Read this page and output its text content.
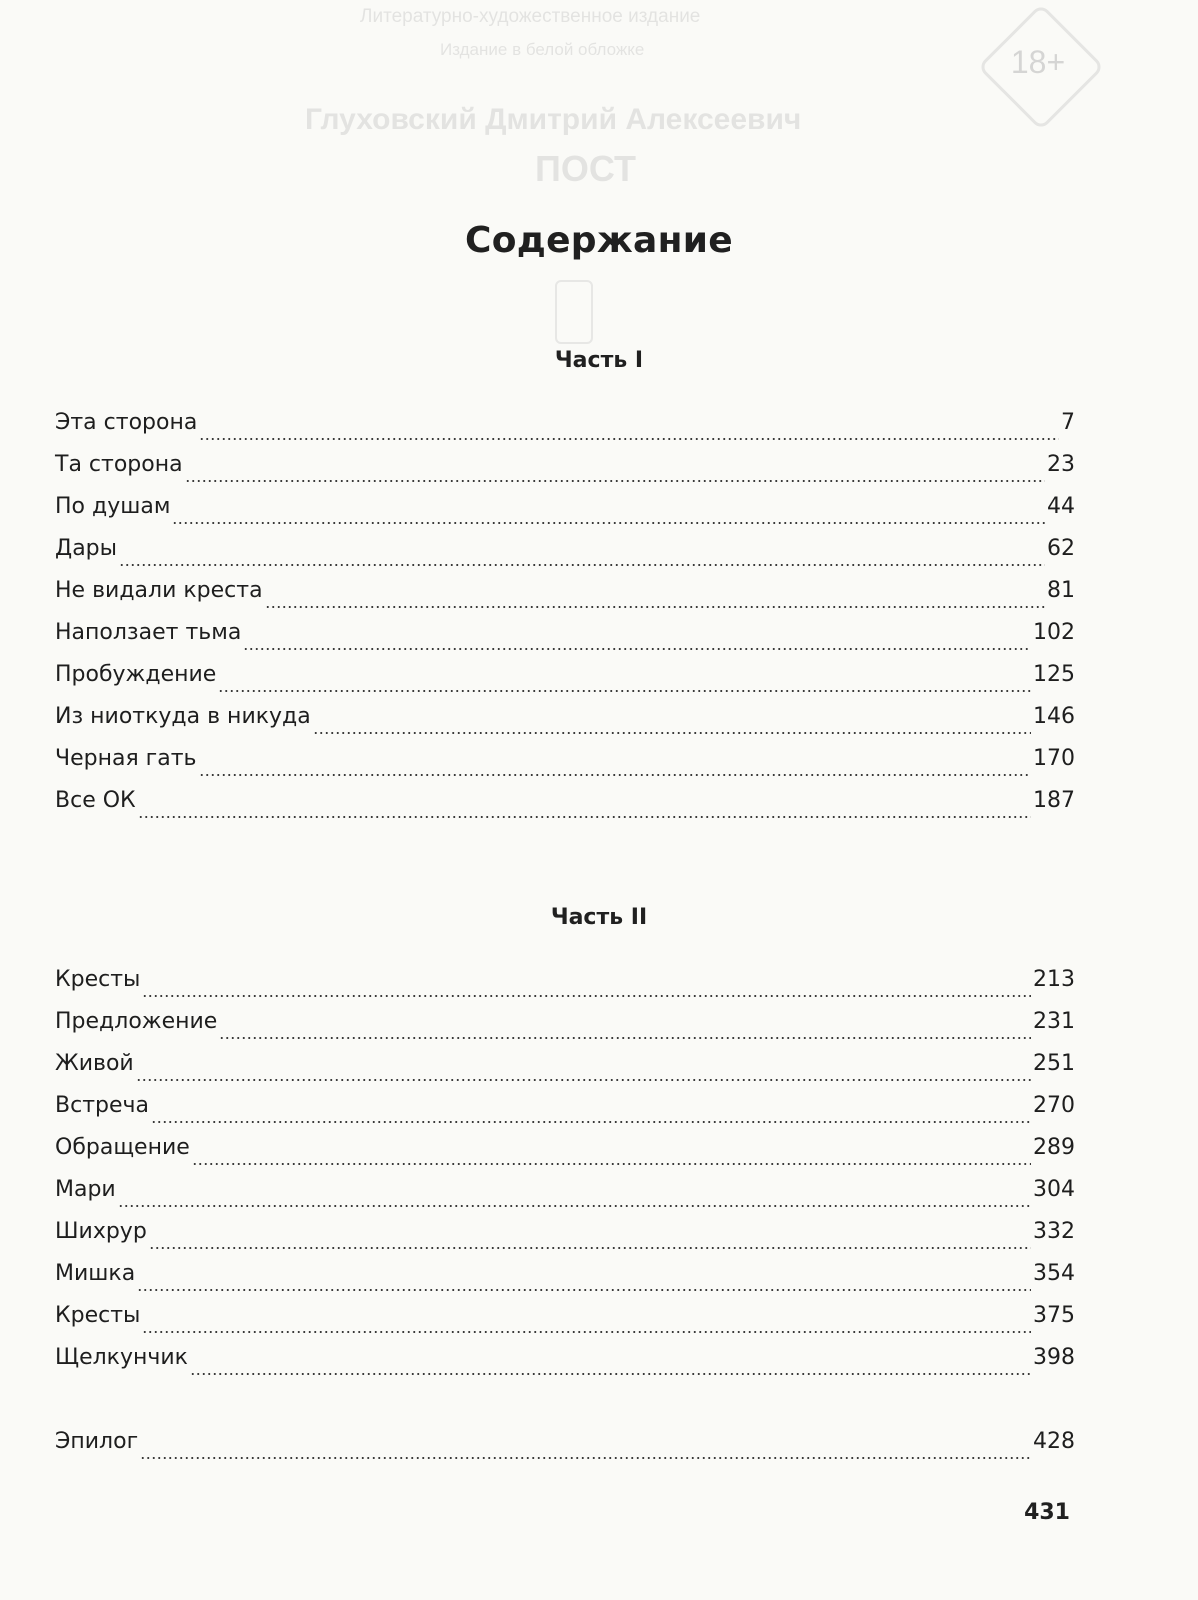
Литературно-художественное издание
Издание в белой обложке
Глуховский Дмитрий Алексеевич
ПОСТ
18+
Содержание
Часть I
Эта сторона	7
Та сторона	23
По душам	44
Дары	62
Не видали креста	81
Наползает тьма	102
Пробуждение	125
Из ниоткуда в никуда	146
Черная гать	170
Все ОК	187
Часть II
Кресты	213
Предложение	231
Живой	251
Встреча	270
Обращение	289
Мари	304
Шихрур	332
Мишка	354
Кресты	375
Щелкунчик	398
Эпилог	428
431
